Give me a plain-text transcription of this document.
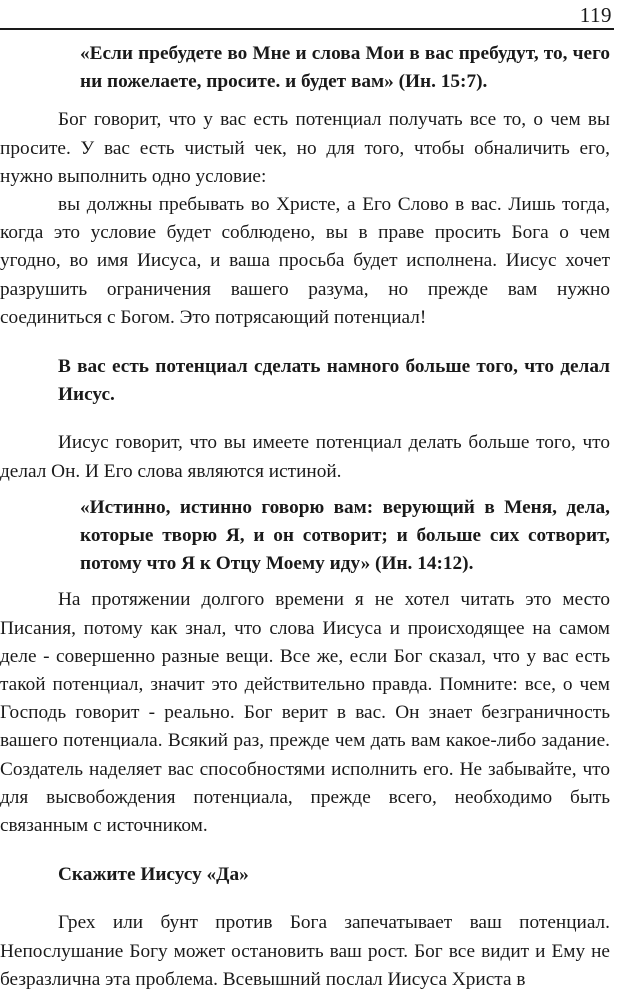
119

«Если пребудете во Мне и слова Мои в вас пребудут, то, чего ни пожелаете, просите. и будет вам» (Ин. 15:7).

Бог говорит, что у вас есть потенциал получать все то, о чем вы просите. У вас есть чистый чек, но для того, чтобы обналичить его, нужно выполнить одно условие:

вы должны пребывать во Христе, а Его Слово в вас. Лишь тогда, когда это условие будет соблюдено, вы в праве просить Бога о чем угодно, во имя Иисуса, и ваша просьба будет исполнена. Иисус хочет разрушить ограничения вашего разума, но прежде вам нужно соединиться с Богом. Это потрясающий потенциал!

В вас есть потенциал сделать намного больше того, что делал Иисус.

Иисус говорит, что вы имеете потенциал делать больше того, что делал Он. И Его слова являются истиной.

«Истинно, истинно говорю вам: верующий в Меня, дела, которые творю Я, и он сотворит; и больше сих сотворит, потому что Я к Отцу Моему иду» (Ин. 14:12).

На протяжении долгого времени я не хотел читать это место Писания, потому как знал, что слова Иисуса и происходящее на самом деле - совершенно разные вещи. Все же, если Бог сказал, что у вас есть такой потенциал, значит это действительно правда. Помните: все, о чем Господь говорит - реально. Бог верит в вас. Он знает безграничность вашего потенциала. Всякий раз, прежде чем дать вам какое-либо задание. Создатель наделяет вас способностями исполнить его. Не забывайте, что для высвобождения потенциала, прежде всего, необходимо быть связанным с источником.

Скажите Иисусу «Да»

Грех или бунт против Бога запечатывает ваш потенциал. Непослушание Богу может остановить ваш рост. Бог все видит и Ему не безразлична эта проблема. Всевышний послал Иисуса Христа в
